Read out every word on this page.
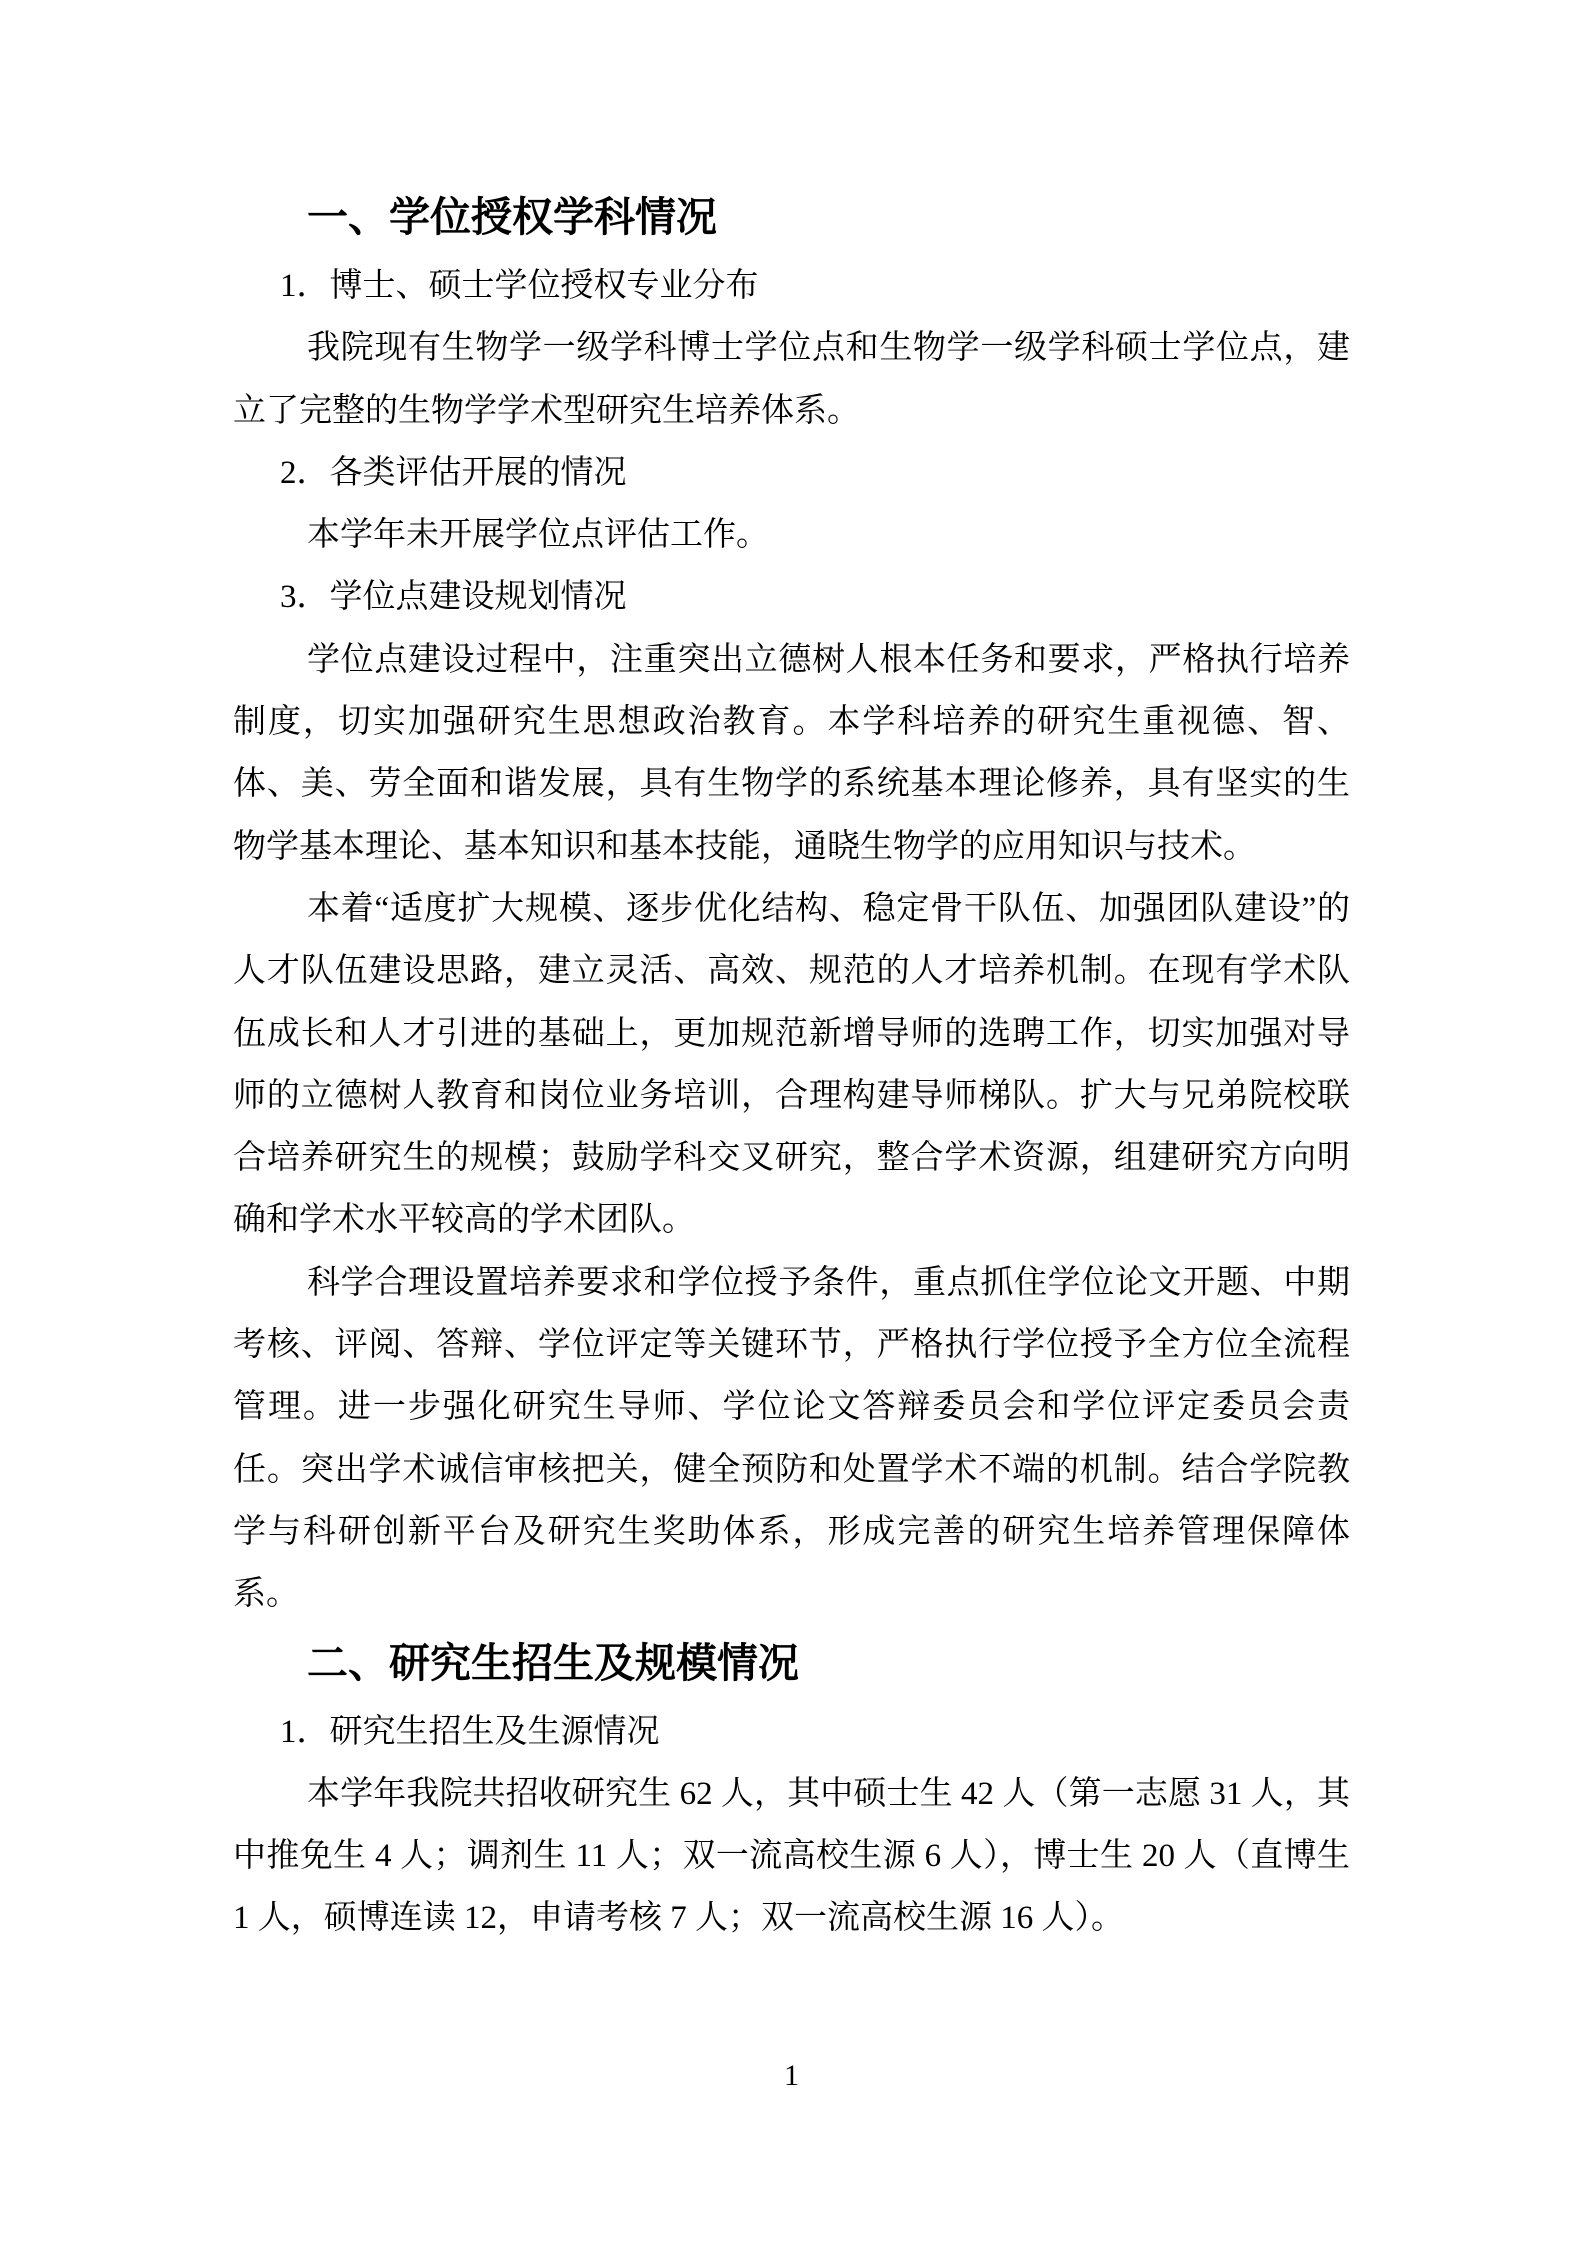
一、学位授权学科情况
1．博士、硕士学位授权专业分布
我院现有生物学一级学科博士学位点和生物学一级学科硕士学位点，建立了完整的生物学学术型研究生培养体系。
2．各类评估开展的情况
本学年未开展学位点评估工作。
3．学位点建设规划情况
学位点建设过程中，注重突出立德树人根本任务和要求，严格执行培养制度，切实加强研究生思想政治教育。本学科培养的研究生重视德、智、体、美、劳全面和谐发展，具有生物学的系统基本理论修养，具有坚实的生物学基本理论、基本知识和基本技能，通晓生物学的应用知识与技术。
本着“适度扩大规模、逐步优化结构、稳定骨干队伍、加强团队建设”的人才队伍建设思路，建立灵活、高效、规范的人才培养机制。在现有学术队伍成长和人才引进的基础上，更加规范新增导师的选聘工作，切实加强对导师的立德树人教育和岗位业务培训，合理构建导师梯队。扩大与兄弟院校联合培养研究生的规模；鼓励学科交叉研究，整合学术资源，组建研究方向明确和学术水平较高的学术团队。
科学合理设置培养要求和学位授予条件，重点抓住学位论文开题、中期考核、评阅、答辩、学位评定等关键环节，严格执行学位授予全方位全流程管理。进一步强化研究生导师、学位论文答辩委员会和学位评定委员会责任。突出学术诚信审核把关，健全预防和处置学术不端的机制。结合学院教学与科研创新平台及研究生奖助体系，形成完善的研究生培养管理保障体系。
二、研究生招生及规模情况
1．研究生招生及生源情况
本学年我院共招收研究生 62 人，其中硕士生 42 人（第一志愿 31 人，其中推免生 4 人；调剂生 11 人；双一流高校生源 6 人），博士生 20 人（直博生 1 人，硕博连读 12，申请考核 7 人；双一流高校生源 16 人）。
1
